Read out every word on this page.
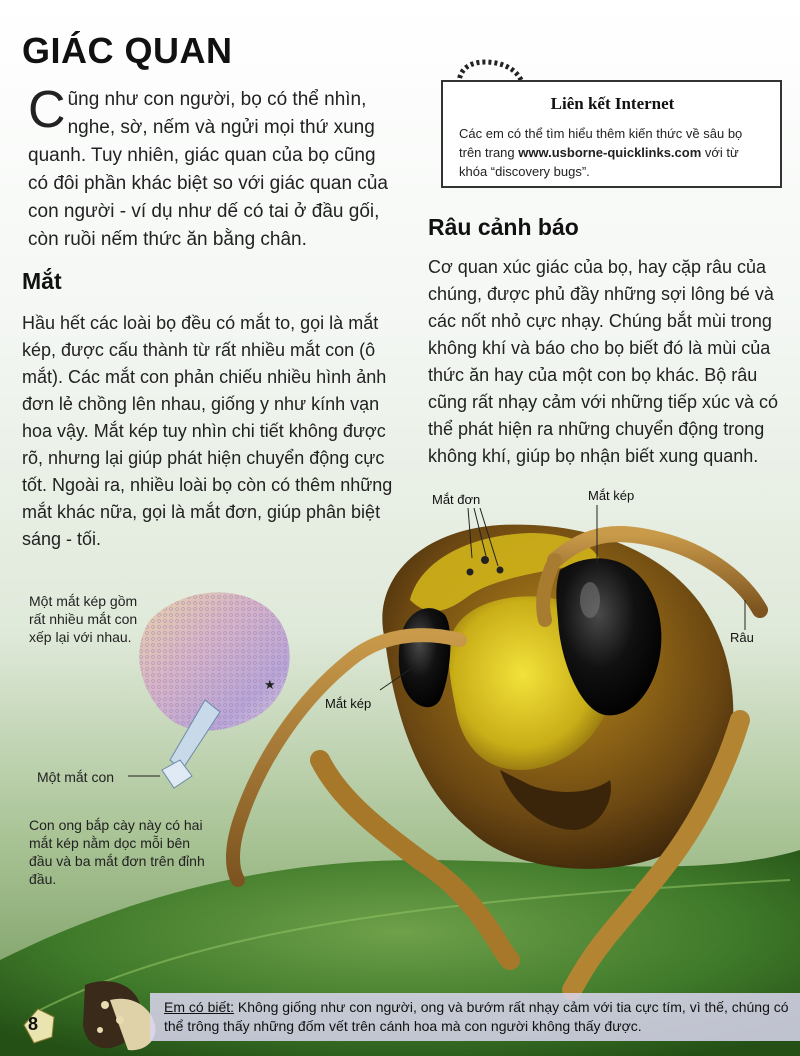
GIÁC QUAN
Cũng như con người, bọ có thể nhìn, nghe, sờ, nếm và ngửi mọi thứ xung quanh. Tuy nhiên, giác quan của bọ cũng có đôi phần khác biệt so với giác quan của con người - ví dụ như dế có tai ở đầu gối, còn ruồi nếm thức ăn bằng chân.
Liên kết Internet
Các em có thể tìm hiểu thêm kiến thức về sâu bọ trên trang www.usborne-quicklinks.com với từ khóa “discovery bugs”.
Mắt
Hầu hết các loài bọ đều có mắt to, gọi là mắt kép, được cấu thành từ rất nhiều mắt con (ô mắt). Các mắt con phản chiếu nhiều hình ảnh đơn lẻ chồng lên nhau, giống y như kính vạn hoa vậy. Mắt kép tuy nhìn chi tiết không được rõ, nhưng lại giúp phát hiện chuyển động cực tốt. Ngoài ra, nhiều loài bọ còn có thêm những mắt khác nữa, gọi là mắt đơn, giúp phân biệt sáng - tối.
Râu cảnh báo
Cơ quan xúc giác của bọ, hay cặp râu của chúng, được phủ đầy những sợi lông bé và các nốt nhỏ cực nhạy. Chúng bắt mùi trong không khí và báo cho bọ biết đó là mùi của thức ăn hay của một con bọ khác. Bộ râu cũng rất nhạy cảm với những tiếp xúc và có thể phát hiện ra những chuyển động trong không khí, giúp bọ nhận biết xung quanh.
Một mắt kép gồm rất nhiều mắt con xếp lại với nhau.
★
Một mắt con
Con ong bắp cày này có hai mắt kép nằm dọc mỗi bên đầu và ba mắt đơn trên đỉnh đầu.
Mắt đơn	Mắt kép
Mắt kép
Râu
Em có biết: Không giống như con người, ong và bướm rất nhạy cảm với tia cực tím, vì thế, chúng có thể trông thấy những đốm vết trên cánh hoa mà con người không thấy được.
8
